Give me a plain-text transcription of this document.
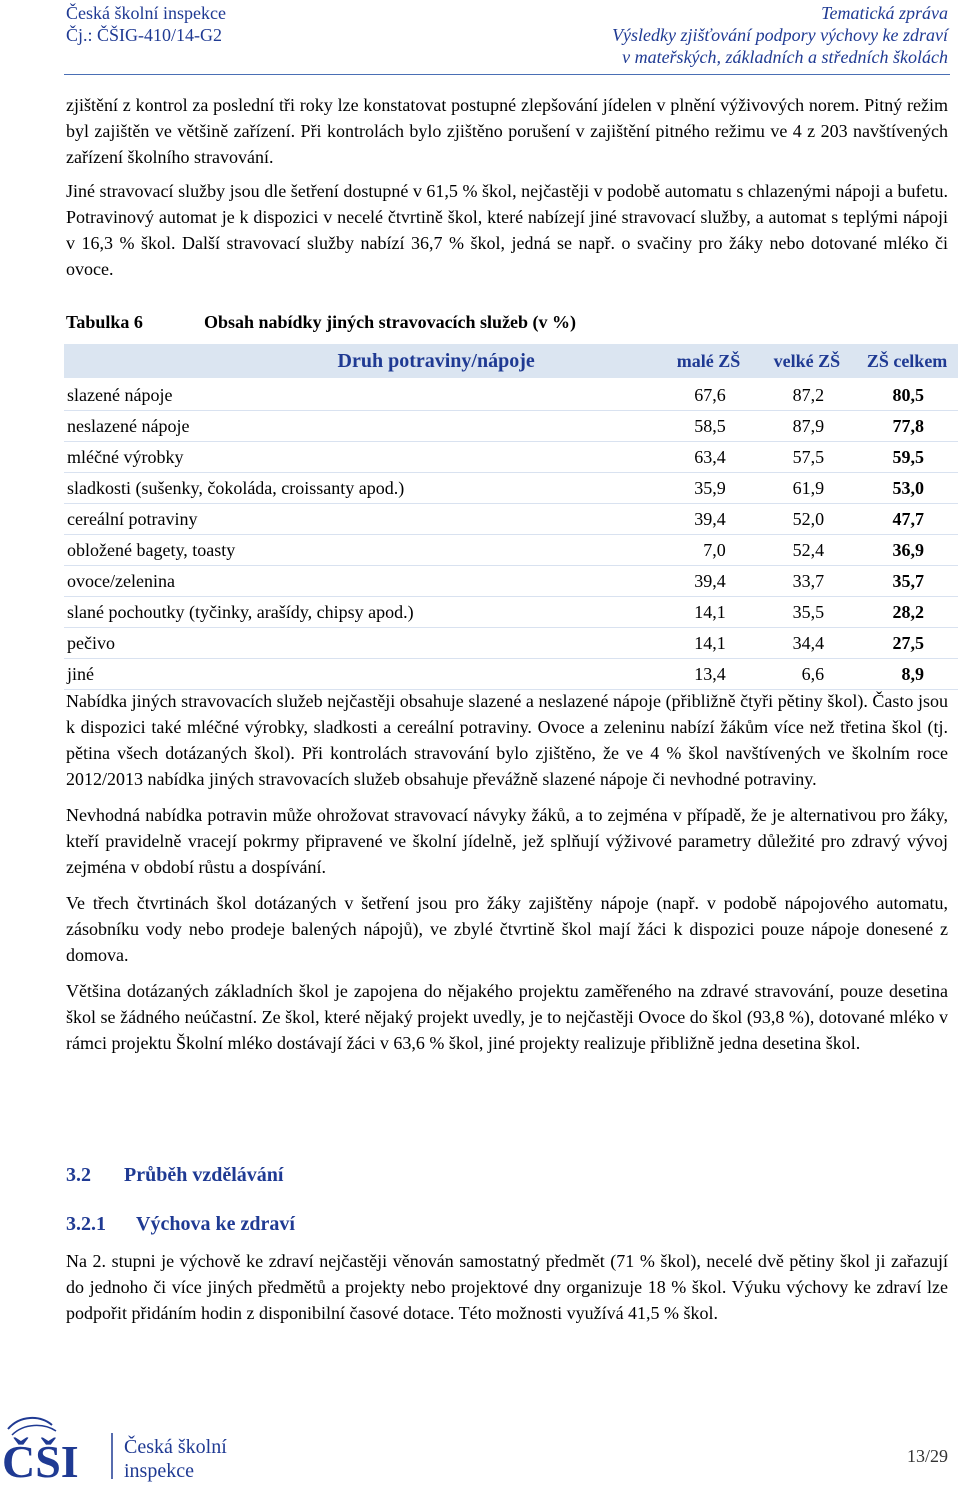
Česká školní inspekce
Čj.: ČŠIG-410/14-G2
Tematická zpráva
Výsledky zjišťování podpory výchovy ke zdraví
v mateřských, základních a středních školách

zjištění z kontrol za poslední tři roky lze konstatovat postupné zlepšování jídelen v plnění výživových norem. Pitný režim byl zajištěn ve většině zařízení. Při kontrolách bylo zjištěno porušení v zajištění pitného režimu ve 4 z 203 navštívených zařízení školního stravování.

Jiné stravovací služby jsou dle šetření dostupné v 61,5 % škol, nejčastěji v podobě automatu s chlazenými nápoji a bufetu. Potravinový automat je k dispozici v necelé čtvrtině škol, které nabízejí jiné stravovací služby, a automat s teplými nápoji v 16,3 % škol. Další stravovací služby nabízí 36,7 % škol, jedná se např. o svačiny pro žáky nebo dotované mléko či ovoce.

Tabulka 6	Obsah nabídky jiných stravovacích služeb (v %)
Druh potraviny/nápoje	malé ZŠ	velké ZŠ	ZŠ celkem
slazené nápoje	67,6	87,2	80,5
neslazené nápoje	58,5	87,9	77,8
mléčné výrobky	63,4	57,5	59,5
sladkosti (sušenky, čokoláda, croissanty apod.)	35,9	61,9	53,0
cereální potraviny	39,4	52,0	47,7
obložené bagety, toasty	7,0	52,4	36,9
ovoce/zelenina	39,4	33,7	35,7
slané pochoutky (tyčinky, arašídy, chipsy apod.)	14,1	35,5	28,2
pečivo	14,1	34,4	27,5
jiné	13,4	6,6	8,9

Nabídka jiných stravovacích služeb nejčastěji obsahuje slazené a neslazené nápoje (přibližně čtyři pětiny škol). Často jsou k dispozici také mléčné výrobky, sladkosti a cereální potraviny. Ovoce a zeleninu nabízí žákům více než třetina škol (tj. pětina všech dotázaných škol). Při kontrolách stravování bylo zjištěno, že ve 4 % škol navštívených ve školním roce 2012/2013 nabídka jiných stravovacích služeb obsahuje převážně slazené nápoje či nevhodné potraviny.

Nevhodná nabídka potravin může ohrožovat stravovací návyky žáků, a to zejména v případě, že je alternativou pro žáky, kteří pravidelně vracejí pokrmy připravené ve školní jídelně, jež splňují výživové parametry důležité pro zdravý vývoj zejména v období růstu a dospívání.

Ve třech čtvrtinách škol dotázaných v šetření jsou pro žáky zajištěny nápoje (např. v podobě nápojového automatu, zásobníku vody nebo prodeje balených nápojů), ve zbylé čtvrtině škol mají žáci k dispozici pouze nápoje donesené z domova.

Většina dotázaných základních škol je zapojena do nějakého projektu zaměřeného na zdravé stravování, pouze desetina škol se žádného neúčastní. Ze škol, které nějaký projekt uvedly, je to nejčastěji Ovoce do škol (93,8 %), dotované mléko v rámci projektu Školní mléko dostávají žáci v 63,6 % škol, jiné projekty realizuje přibližně jedna desetina škol.

3.2 Průběh vzdělávání
3.2.1 Výchova ke zdraví

Na 2. stupni je výchově ke zdraví nejčastěji věnován samostatný předmět (71 % škol), necelé dvě pětiny škol ji zařazují do jednoho či více jiných předmětů a projekty nebo projektové dny organizuje 18 % škol. Výuku výchovy ke zdraví lze podpořit přidáním hodin z disponibilní časové dotace. Této možnosti využívá 41,5 % škol.

ČŠI Česká školní
inspekce
13/29
